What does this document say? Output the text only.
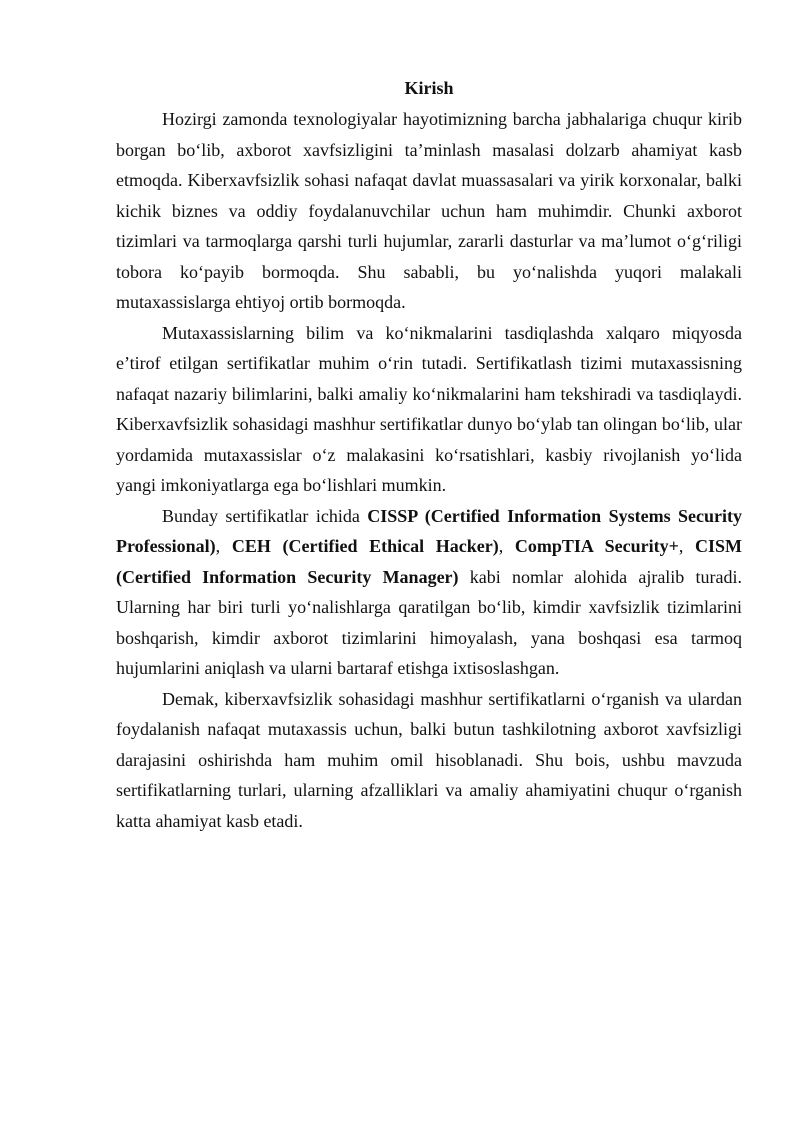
Kirish

Hozirgi zamonda texnologiyalar hayotimizning barcha jabhalariga chuqur kirib borgan bo‘lib, axborot xavfsizligini ta’minlash masalasi dolzarb ahamiyat kasb etmoqda. Kiberxavfsizlik sohasi nafaqat davlat muassasalari va yirik korxonalar, balki kichik biznes va oddiy foydalanuvchilar uchun ham muhimdir. Chunki axborot tizimlari va tarmoqlarga qarshi turli hujumlar, zararli dasturlar va ma’lumot o‘g‘riligi tobora ko‘payib bormoqda. Shu sababli, bu yo‘nalishda yuqori malakali mutaxassislarga ehtiyoj ortib bormoqda.

Mutaxassislarning bilim va ko‘nikmalarini tasdiqlashda xalqaro miqyosda e’tirof etilgan sertifikatlar muhim o‘rin tutadi. Sertifikatlash tizimi mutaxassisning nafaqat nazariy bilimlarini, balki amaliy ko‘nikmalarini ham tekshiradi va tasdiqlaydi. Kiberxavfsizlik sohasidagi mashhur sertifikatlar dunyo bo‘ylab tan olingan bo‘lib, ular yordamida mutaxassislar o‘z malakasini ko‘rsatishlari, kasbiy rivojlanish yo‘lida yangi imkoniyatlarga ega bo‘lishlari mumkin.

Bunday sertifikatlar ichida CISSP (Certified Information Systems Security Professional), CEH (Certified Ethical Hacker), CompTIA Security+, CISM (Certified Information Security Manager) kabi nomlar alohida ajralib turadi. Ularning har biri turli yo‘nalishlarga qaratilgan bo‘lib, kimdir xavfsizlik tizimlarini boshqarish, kimdir axborot tizimlarini himoyalash, yana boshqasi esa tarmoq hujumlarini aniqlash va ularni bartaraf etishga ixtisoslashgan.

Demak, kiberxavfsizlik sohasidagi mashhur sertifikatlarni o‘rganish va ulardan foydalanish nafaqat mutaxassis uchun, balki butun tashkilotning axborot xavfsizligi darajasini oshirishda ham muhim omil hisoblanadi. Shu bois, ushbu mavzuda sertifikatlarning turlari, ularning afzalliklari va amaliy ahamiyatini chuqur o‘rganish katta ahamiyat kasb etadi.
